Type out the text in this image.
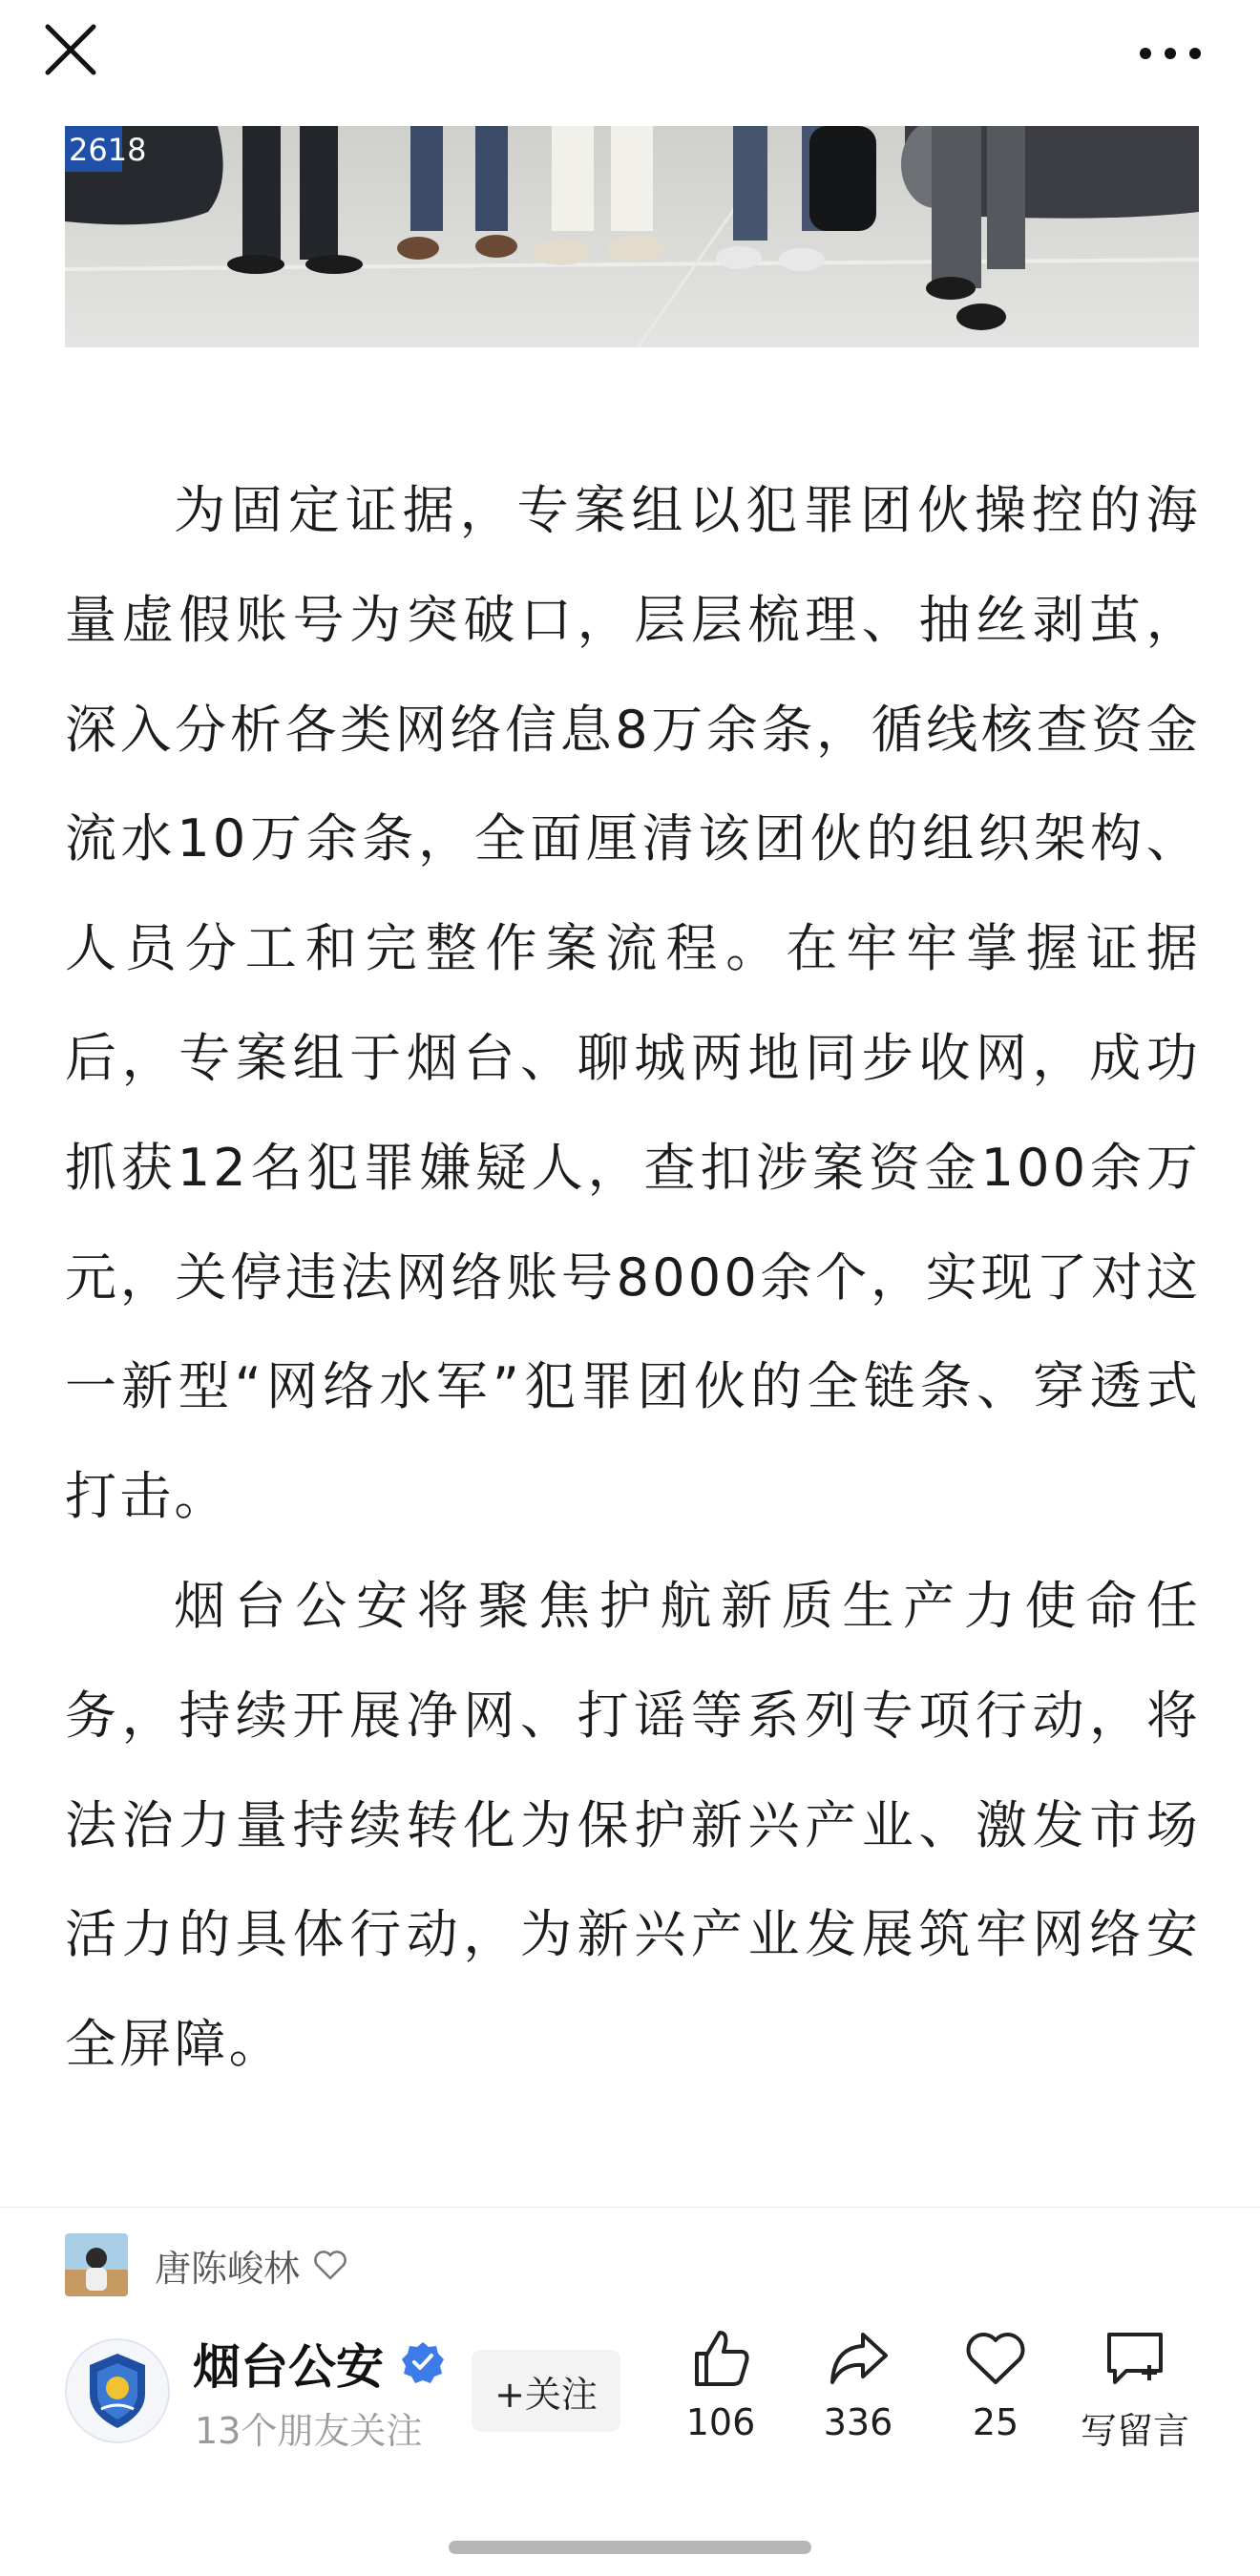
2618

为固定证据，专案组以犯罪团伙操控的海量虚假账号为突破口，层层梳理、抽丝剥茧，深入分析各类网络信息8万余条，循线核查资金流水10万余条，全面厘清该团伙的组织架构、人员分工和完整作案流程。在牢牢掌握证据后，专案组于烟台、聊城两地同步收网，成功抓获12名犯罪嫌疑人，查扣涉案资金100余万元，关停违法网络账号8000余个，实现了对这一新型“网络水军”犯罪团伙的全链条、穿透式打击。

烟台公安将聚焦护航新质生产力使命任务，持续开展净网、打谣等系列专项行动，将法治力量持续转化为保护新兴产业、激发市场活力的具体行动，为新兴产业发展筑牢网络安全屏障。

唐陈峻林
烟台公安
13个朋友关注
+关注
106	336	25	写留言
